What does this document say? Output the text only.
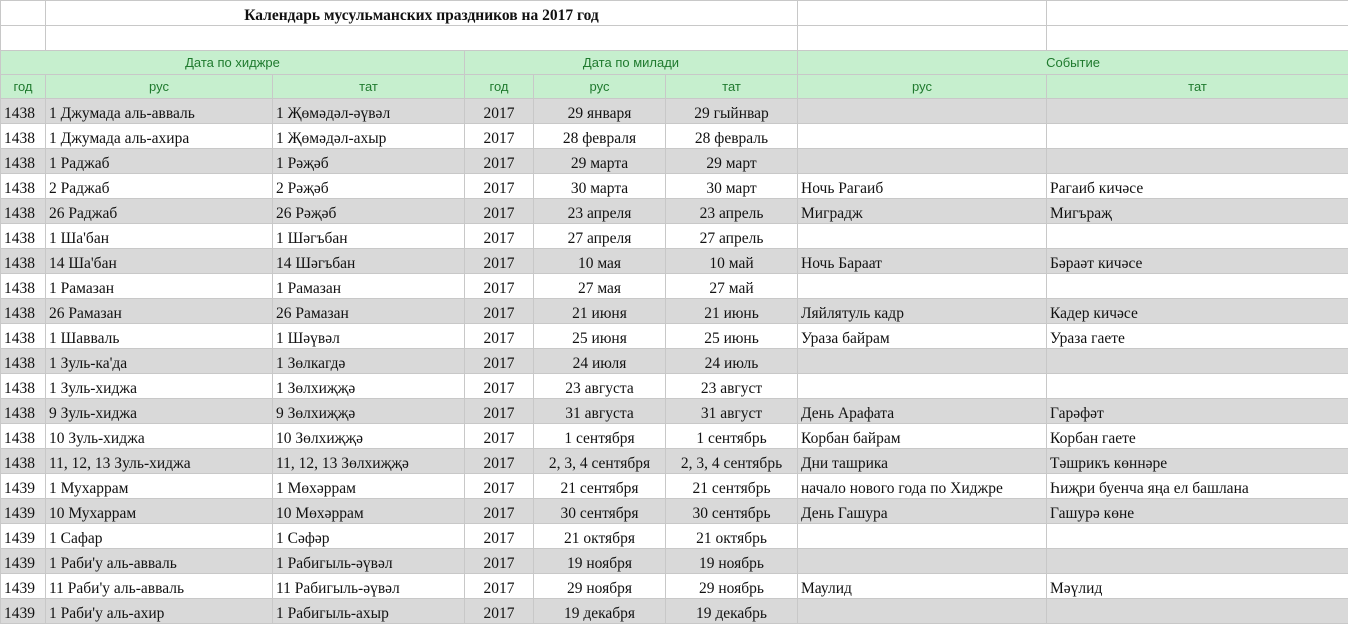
	Календарь мусульманских праздников на 2017 год						

Дата по хиджре			Дата по милади			Событие	
год	рус	тат	год	рус	тат	рус	тат
1438	1 Джумада аль-авваль	1 Җөмәдәл-әүвәл	2017	29 января	29 гыйнвар		
1438	1 Джумада аль-ахира	1 Җөмәдәл-ахыр	2017	28 февраля	28 февраль		
1438	1 Раджаб	1 Рәҗәб	2017	29 марта	29 март		
1438	2 Раджаб	2 Рәҗәб	2017	30 марта	30 март	Ночь Рагаиб	Рагаиб кичәсе
1438	26 Раджаб	26 Рәҗәб	2017	23 апреля	23 апрель	Миградж	Мигъраҗ
1438	1 Ша'бан	1 Шәгъбан	2017	27 апреля	27 апрель		
1438	14 Ша'бан	14 Шәгъбан	2017	10 мая	10 май	Ночь Бараат	Бәраәт кичәсе
1438	1 Рамазан	1 Рамазан	2017	27 мая	27 май		
1438	26 Рамазан	26 Рамазан	2017	21 июня	21 июнь	Ляйлятуль кадр	Кадер кичәсе
1438	1 Шавваль	1 Шәүвәл	2017	25 июня	25 июнь	Ураза байрам	Ураза гаете
1438	1 Зуль-ка'да	1 Зөлкагдә	2017	24 июля	24 июль		
1438	1 Зуль-хиджа	1 Зөлхиҗҗә	2017	23 августа	23 август		
1438	9 Зуль-хиджа	9 Зөлхиҗҗә	2017	31 августа	31 август	День Арафата	Гарәфәт
1438	10 Зуль-хиджа	10 Зөлхиҗҗә	2017	1 сентября	1 сентябрь	Корбан байрам	Корбан гаете
1438	11, 12, 13 Зуль-хиджа	11, 12, 13 Зөлхиҗҗә	2017	2, 3, 4 сентября	2, 3, 4 сентябрь	Дни ташрика	Тәшрикъ көннәре
1439	1 Мухаррам	1 Мөхәррам	2017	21 сентября	21 сентябрь	начало нового года по Хиджре	Һиҗри буенча яңа ел башлана
1439	10 Мухаррам	10 Мөхәррам	2017	30 сентября	30 сентябрь	День Гашура	Гашурә көне
1439	1 Сафар	1 Сәфәр	2017	21 октября	21 октябрь		
1439	1 Раби'у аль-авваль	1 Рабигыль-әүвәл	2017	19 ноября	19 ноябрь		
1439	11 Раби'у аль-авваль	11 Рабигыль-әүвәл	2017	29 ноября	29 ноябрь	Маулид	Мәүлид
1439	1 Раби'у аль-ахир	1 Рабигыль-ахыр	2017	19 декабря	19 декабрь		
